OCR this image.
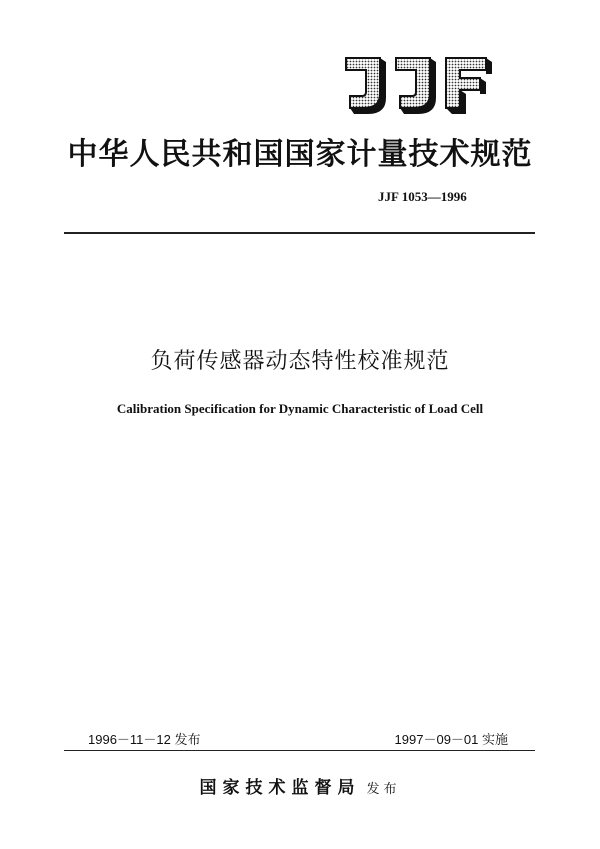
中华人民共和国国家计量技术规范
JJF 1053—1996
负荷传感器动态特性校准规范
Calibration Specification for Dynamic Characteristic of Load Cell
1996－11－12 发布	1997－09－01 实施
国家技术监督局 发布
